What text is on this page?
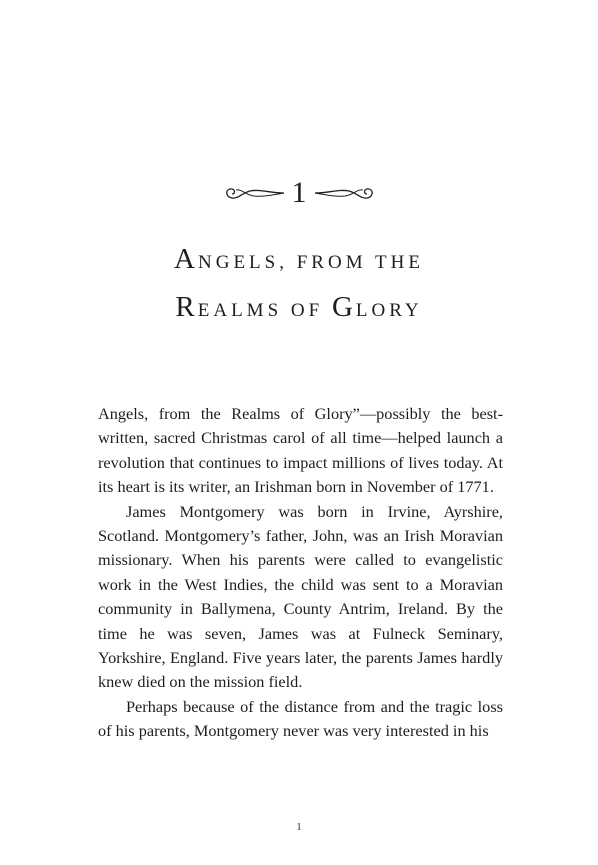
1
ANGELS, FROM THE
REALMS OF GLORY

Angels, from the Realms of Glory”—possibly the best-written, sacred Christmas carol of all time—helped launch a revolution that continues to impact millions of lives today. At its heart is its writer, an Irishman born in November of 1771.

James Montgomery was born in Irvine, Ayrshire, Scotland. Montgomery’s father, John, was an Irish Moravian missionary. When his parents were called to evangelistic work in the West Indies, the child was sent to a Moravian community in Ballymena, County Antrim, Ireland. By the time he was seven, James was at Fulneck Seminary, Yorkshire, England. Five years later, the parents James hardly knew died on the mission field.

Perhaps because of the distance from and the tragic loss of his parents, Montgomery never was very interested in his

1
